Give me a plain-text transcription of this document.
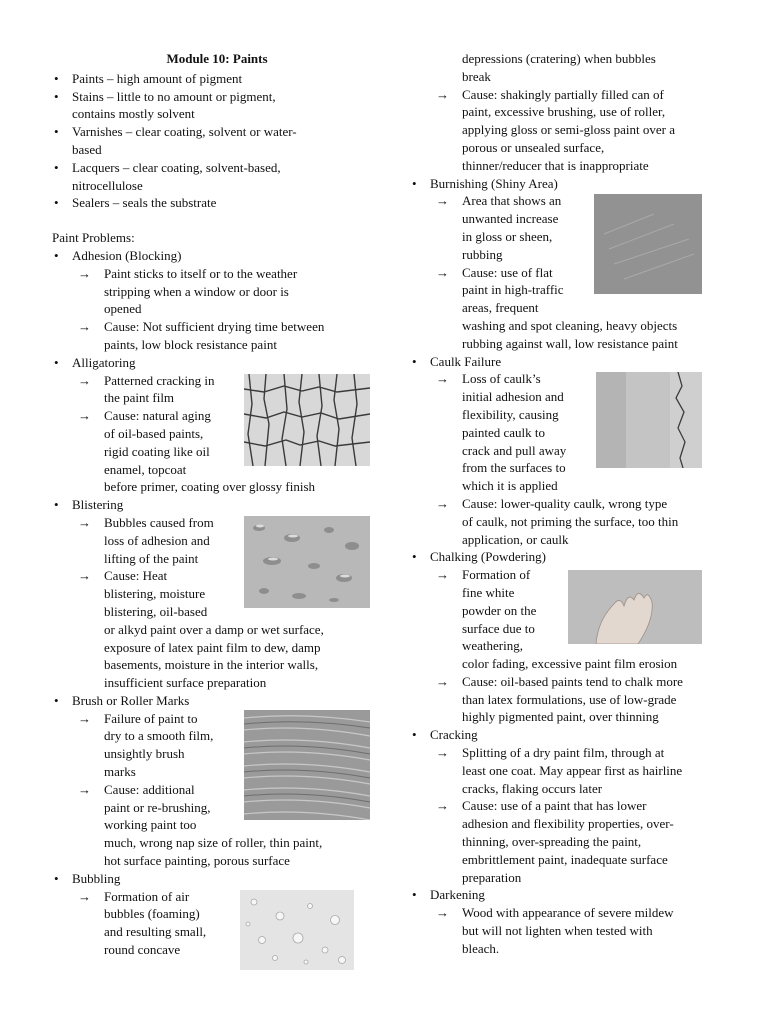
Module 10: Paints
• Paints – high amount of pigment
• Stains – little to no amount or pigment,
contains mostly solvent
• Varnishes – clear coating, solvent or water-
based
• Lacquers – clear coating, solvent-based,
nitrocellulose
• Sealers – seals the substrate
Paint Problems:
• Adhesion (Blocking)
→ Paint sticks to itself or to the weather
stripping when a window or door is
opened
→ Cause: Not sufficient drying time between
paints, low block resistance paint
• Alligatoring
→ Patterned cracking in
the paint film
→ Cause: natural aging
of oil-based paints,
rigid coating like oil
enamel, topcoat
before primer, coating over glossy finish
• Blistering
→ Bubbles caused from
loss of adhesion and
lifting of the paint
→ Cause: Heat
blistering, moisture
blistering, oil-based
or alkyd paint over a damp or wet surface,
exposure of latex paint film to dew, damp
basements, moisture in the interior walls,
insufficient surface preparation
• Brush or Roller Marks
→ Failure of paint to
dry to a smooth film,
unsightly brush
marks
→ Cause: additional
paint or re-brushing,
working paint too
much, wrong nap size of roller, thin paint,
hot surface painting, porous surface
• Bubbling
→ Formation of air
bubbles (foaming)
and resulting small,
round concave
depressions (cratering) when bubbles
break
→ Cause: shakingly partially filled can of
paint, excessive brushing, use of roller,
applying gloss or semi-gloss paint over a
porous or unsealed surface,
thinner/reducer that is inappropriate
• Burnishing (Shiny Area)
→ Area that shows an
unwanted increase
in gloss or sheen,
rubbing
→ Cause: use of flat
paint in high-traffic
areas, frequent
washing and spot cleaning, heavy objects
rubbing against wall, low resistance paint
• Caulk Failure
→ Loss of caulk’s
initial adhesion and
flexibility, causing
painted caulk to
crack and pull away
from the surfaces to
which it is applied
→ Cause: lower-quality caulk, wrong type
of caulk, not priming the surface, too thin
application, or caulk
• Chalking (Powdering)
→ Formation of
fine white
powder on the
surface due to
weathering,
color fading, excessive paint film erosion
→ Cause: oil-based paints tend to chalk more
than latex formulations, use of low-grade
highly pigmented paint, over thinning
• Cracking
→ Splitting of a dry paint film, through at
least one coat. May appear first as hairline
cracks, flaking occurs later
→ Cause: use of a paint that has lower
adhesion and flexibility properties, over-
thinning, over-spreading the paint,
embrittlement paint, inadequate surface
preparation
• Darkening
→ Wood with appearance of severe mildew
but will not lighten when tested with
bleach.
